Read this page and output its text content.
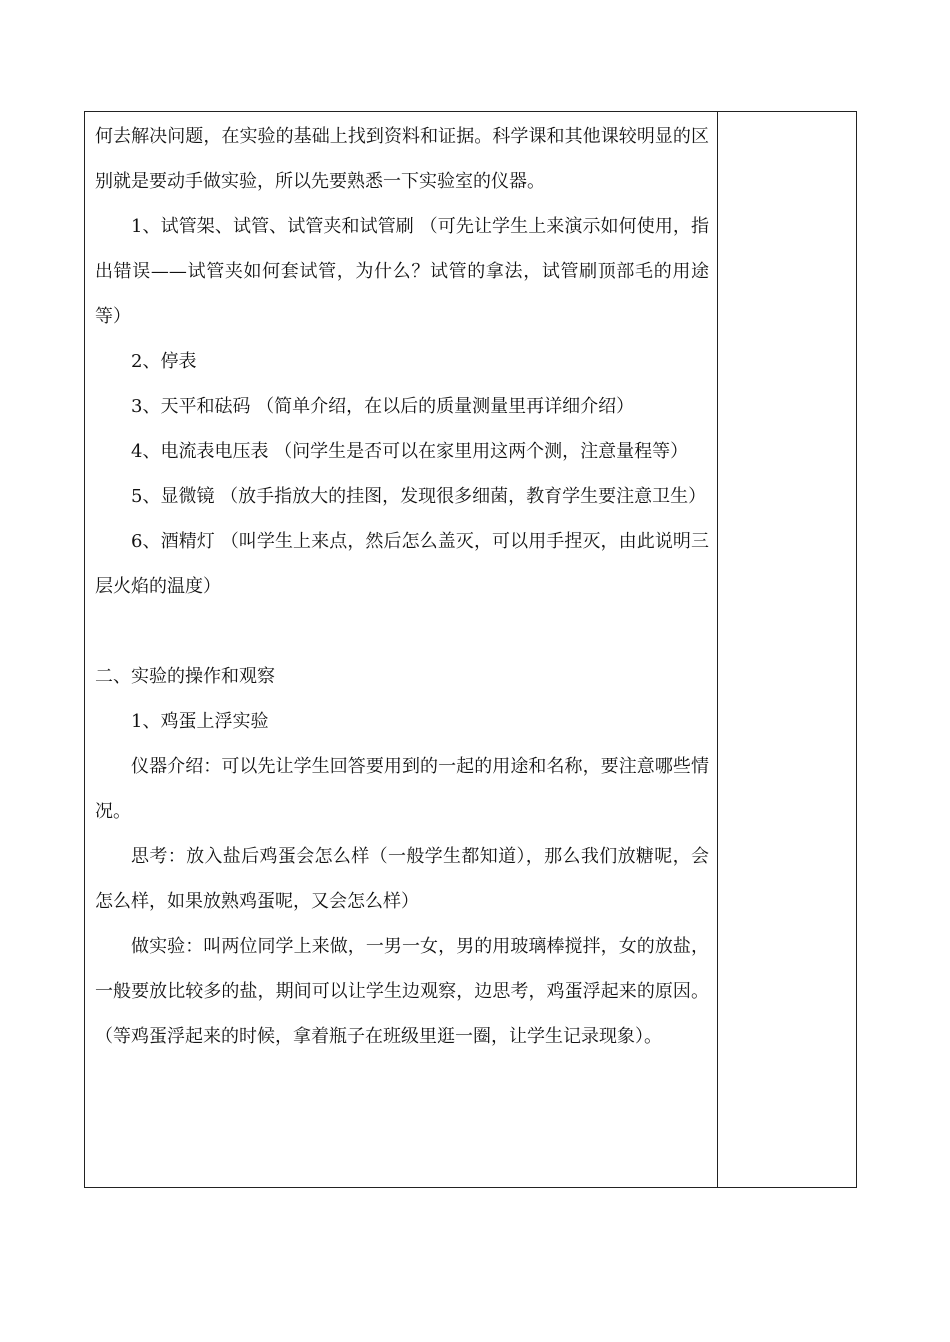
何去解决问题，在实验的基础上找到资料和证据。科学课和其他课较明显的区别就是要动手做实验，所以先要熟悉一下实验室的仪器。

1、试管架、试管、试管夹和试管刷 （可先让学生上来演示如何使用，指出错误——试管夹如何套试管，为什么？试管的拿法，试管刷顶部毛的用途等）

2、停表

3、天平和砝码 （简单介绍，在以后的质量测量里再详细介绍）

4、电流表电压表 （问学生是否可以在家里用这两个测，注意量程等）

5、显微镜 （放手指放大的挂图，发现很多细菌，教育学生要注意卫生）

6、酒精灯 （叫学生上来点，然后怎么盖灭，可以用手捏灭，由此说明三层火焰的温度）

二、实验的操作和观察

1、鸡蛋上浮实验

仪器介绍：可以先让学生回答要用到的一起的用途和名称，要注意哪些情况。

思考：放入盐后鸡蛋会怎么样（一般学生都知道），那么我们放糖呢，会怎么样，如果放熟鸡蛋呢，又会怎么样）

做实验：叫两位同学上来做，一男一女，男的用玻璃棒搅拌，女的放盐，一般要放比较多的盐，期间可以让学生边观察，边思考，鸡蛋浮起来的原因。（等鸡蛋浮起来的时候，拿着瓶子在班级里逛一圈，让学生记录现象）。
